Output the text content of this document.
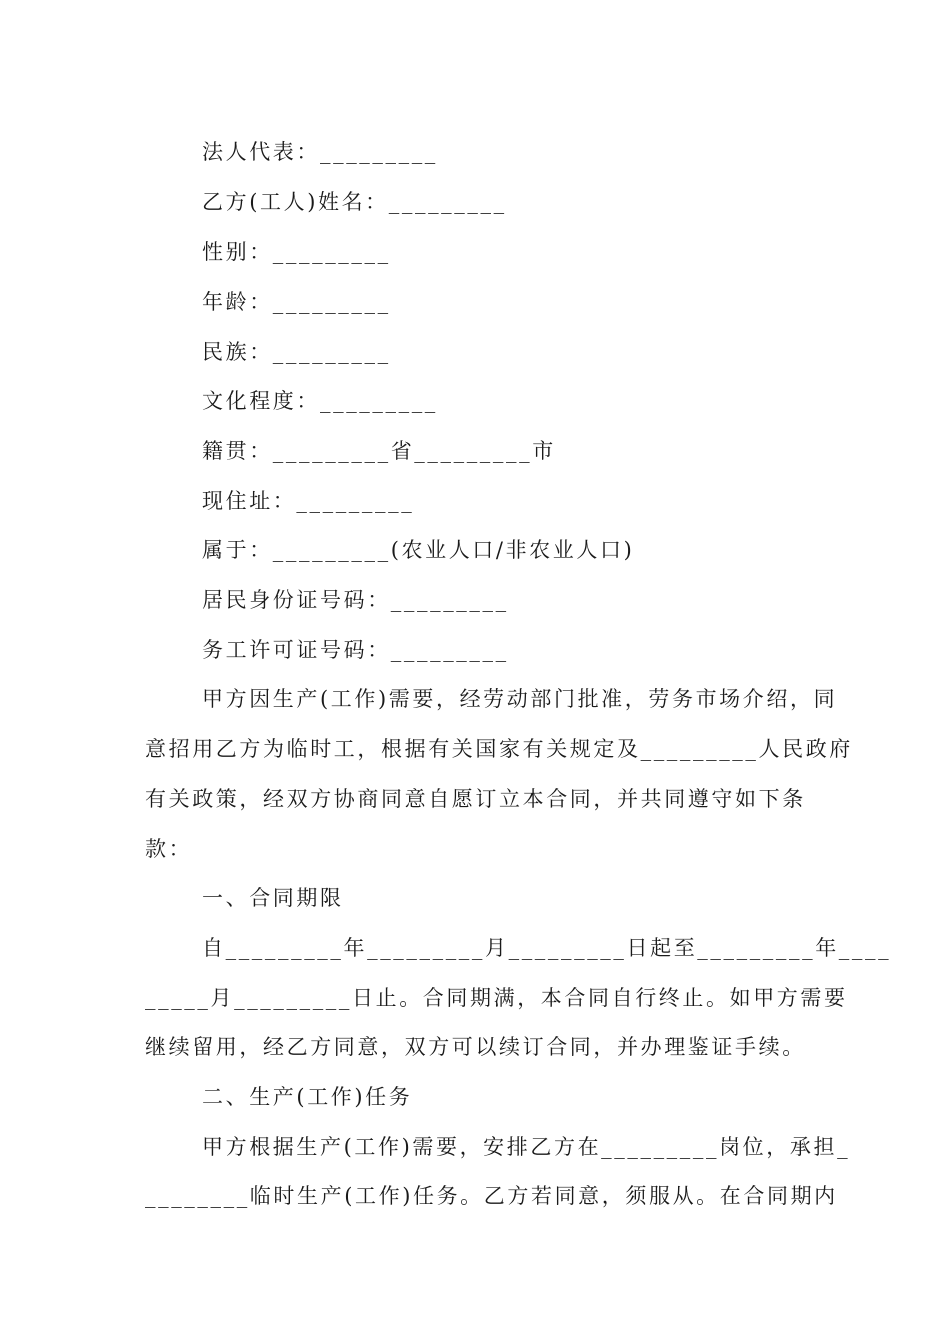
法人代表：_________
乙方(工人)姓名：_________
性别：_________
年龄：_________
民族：_________
文化程度：_________
籍贯：_________省_________市
现住址：_________
属于：_________(农业人口/非农业人口)
居民身份证号码：_________
务工许可证号码：_________
甲方因生产(工作)需要，经劳动部门批准，劳务市场介绍，同
意招用乙方为临时工，根据有关国家有关规定及_________人民政府
有关政策，经双方协商同意自愿订立本合同，并共同遵守如下条
款：
一、合同期限
自_________年_________月_________日起至_________年____
_____月_________日止。合同期满，本合同自行终止。如甲方需要
继续留用，经乙方同意，双方可以续订合同，并办理鉴证手续。
二、生产(工作)任务
甲方根据生产(工作)需要，安排乙方在_________岗位，承担_
________临时生产(工作)任务。乙方若同意，须服从。在合同期内
